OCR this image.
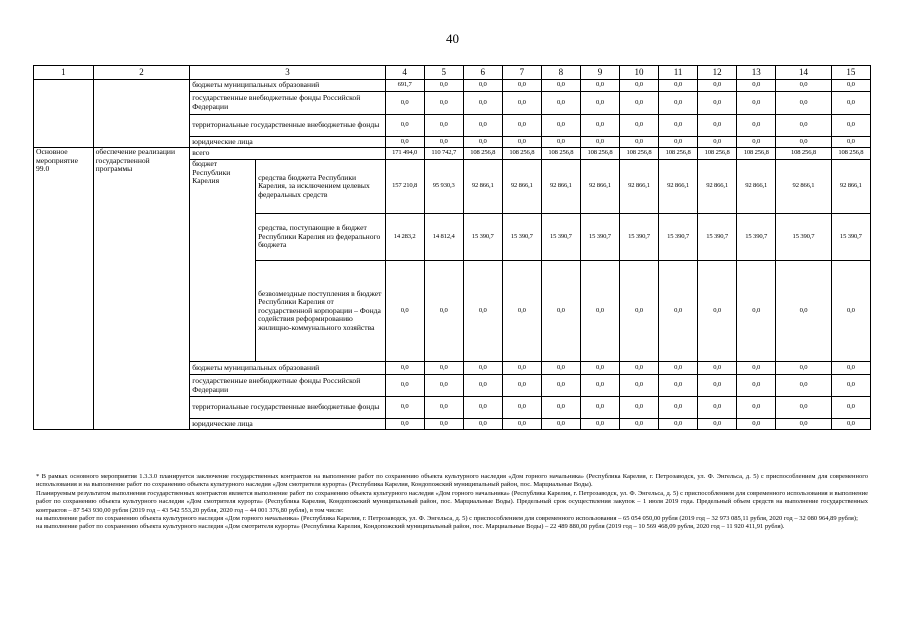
40
1	2	3		4	5	6	7	8	9	10	11	12	13	14	15
		бюджеты муниципальных образований		691,7	0,0	0,0	0,0	0,0	0,0	0,0	0,0	0,0	0,0	0,0	0,0
		государственные внебюджетные фонды Российской Федерации		0,0	0,0	0,0	0,0	0,0	0,0	0,0	0,0	0,0	0,0	0,0	0,0
		территориальные государственные внебюджетные фонды		0,0	0,0	0,0	0,0	0,0	0,0	0,0	0,0	0,0	0,0	0,0	0,0
		юридические лица		0,0	0,0	0,0	0,0	0,0	0,0	0,0	0,0	0,0	0,0	0,0	0,0
Основное мероприятие 99.0	обеспечение реализации государственной программы	всего		171 494,0	110 742,7	108 256,8	108 256,8	108 256,8	108 256,8	108 256,8	108 256,8	108 256,8	108 256,8	108 256,8	108 256,8
		бюджет Республики Карелия	средства бюджета Республики Карелия, за исключением целевых федеральных средств	157 210,8	95 930,3	92 866,1	92 866,1	92 866,1	92 866,1	92 866,1	92 866,1	92 866,1	92 866,1	92 866,1	92 866,1
			средства, поступающие в бюджет Республики Карелия из федерального бюджета	14 283,2	14 812,4	15 390,7	15 390,7	15 390,7	15 390,7	15 390,7	15 390,7	15 390,7	15 390,7	15 390,7	15 390,7
			безвозмездные поступления в бюджет Республики Карелия от государственной корпорации – Фонда содействия реформированию жилищно-коммунального хозяйства	0,0	0,0	0,0	0,0	0,0	0,0	0,0	0,0	0,0	0,0	0,0	0,0
		бюджеты муниципальных образований		0,0	0,0	0,0	0,0	0,0	0,0	0,0	0,0	0,0	0,0	0,0	0,0
		государственные внебюджетные фонды Российской Федерации		0,0	0,0	0,0	0,0	0,0	0,0	0,0	0,0	0,0	0,0	0,0	0,0
		территориальные государственные внебюджетные фонды		0,0	0,0	0,0	0,0	0,0	0,0	0,0	0,0	0,0	0,0	0,0	0,0
		юридические лица		0,0	0,0	0,0	0,0	0,0	0,0	0,0	0,0	0,0	0,0	0,0	0,0

* В рамках основного мероприятия 1.3.3.0 планируется заключение государственных контрактов на выполнение работ по сохранению объекта культурного наследия «Дом горного начальника» (Республика Карелия, г. Петрозаводск, ул. Ф. Энгельса, д. 5) с приспособлением для современного использования и на выполнение работ по сохранению объекта культурного наследия «Дом смотрителя курорта» (Республика Карелия, Кондопожский муниципальный район, пос. Марциальные Воды).

Планируемым результатом выполнения государственных контрактов является выполнение работ по сохранению объекта культурного наследия «Дом горного начальника» (Республика Карелия, г. Петрозаводск, ул. Ф. Энгельса, д. 5) с приспособлением для современного использования и выполнение работ по сохранению объекта культурного наследия «Дом смотрителя курорта» (Республика Карелия, Кондопожский муниципальный район, пос. Марциальные Воды). Предельный срок осуществления закупок – 1 июля 2019 года. Предельный объем средств на выполнение государственных контрактов – 87 543 930,00 рубля (2019 год – 43 542 553,20 рубля, 2020 год – 44 001 376,80 рубля), в том числе:

на выполнение работ по сохранению объекта культурного наследия «Дом горного начальника» (Республика Карелия, г. Петрозаводск, ул. Ф. Энгельса, д. 5) с приспособлением для современного использования – 65 054 050,00 рубля (2019 год – 32 973 085,11 рубля, 2020 год – 32 080 964,89 рубля);

на выполнение работ по сохранению объекта культурного наследия «Дом смотрителя курорта» (Республика Карелия, Кондопожский муниципальный район, пос. Марциальные Воды) – 22 489 880,00 рубля (2019 год – 10 569 468,09 рубля, 2020 год – 11 920 411,91 рубля).
